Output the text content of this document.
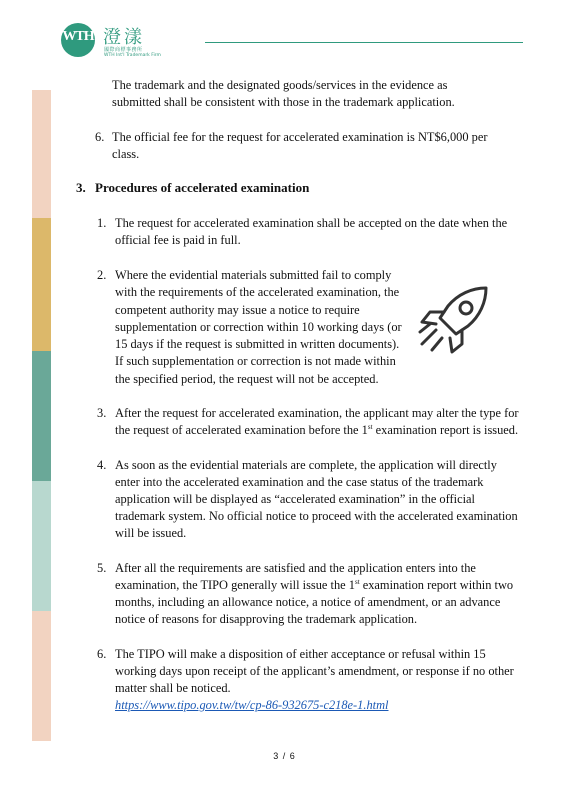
WTH 澄漾
國際商標事務所
WTH Int'l Trademark Firm
The trademark and the designated goods/services in the evidence as
submitted shall be consistent with those in the trademark application.
6. The official fee for the request for accelerated examination is NT$6,000 per
class.
3. Procedures of accelerated examination
1. The request for accelerated examination shall be accepted on the date when the
official fee is paid in full.
2. Where the evidential materials submitted fail to comply
with the requirements of the accelerated examination, the
competent authority may issue a notice to require
supplementation or correction within 10 working days (or
15 days if the request is submitted in written documents).
If such supplementation or correction is not made within
the specified period, the request will not be accepted.
3. After the request for accelerated examination, the applicant may alter the type for
the request of accelerated examination before the 1st examination report is issued.
4. As soon as the evidential materials are complete, the application will directly
enter into the accelerated examination and the case status of the trademark
application will be displayed as “accelerated examination” in the official
trademark system. No official notice to proceed with the accelerated examination
will be issued.
5. After all the requirements are satisfied and the application enters into the
examination, the TIPO generally will issue the 1st examination report within two
months, including an allowance notice, a notice of amendment, or an advance
notice of reasons for disapproving the trademark application.
6. The TIPO will make a disposition of either acceptance or refusal within 15
working days upon receipt of the applicant’s amendment, or response if no other
matter shall be noticed.
https://www.tipo.gov.tw/tw/cp-86-932675-c218e-1.html
3 / 6
